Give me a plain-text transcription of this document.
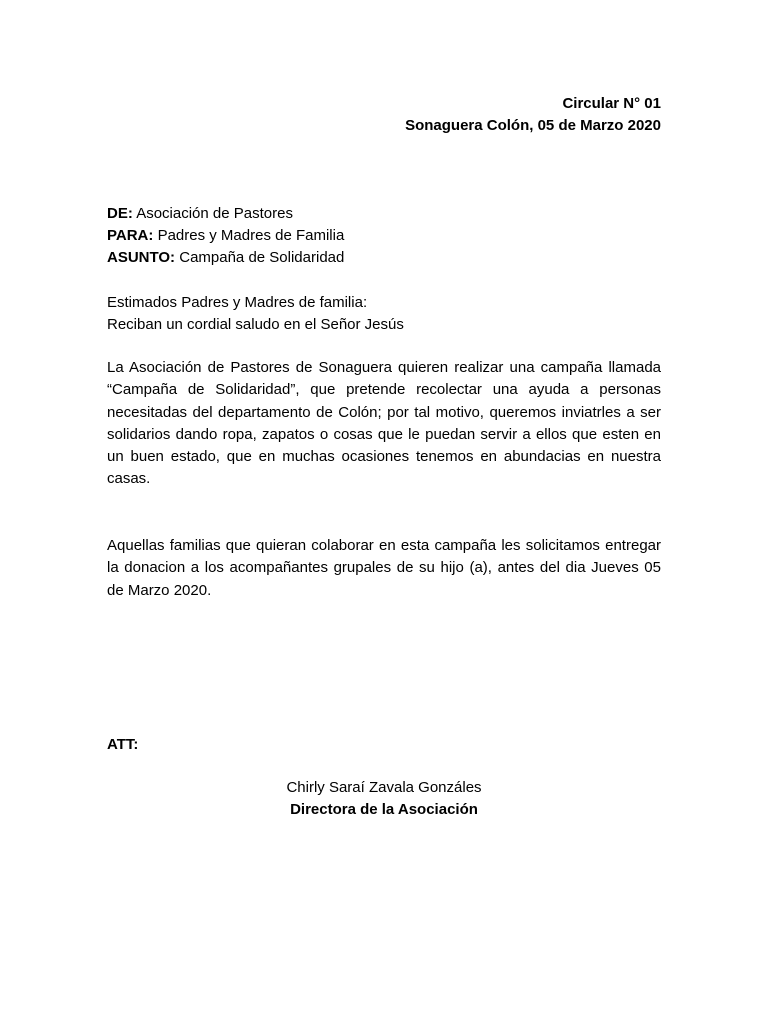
Circular N° 01
Sonaguera Colón, 05 de Marzo 2020
DE: Asociación de Pastores
PARA: Padres y Madres de Familia
ASUNTO: Campaña de Solidaridad
Estimados Padres y Madres de familia:
Reciban un cordial saludo en el Señor Jesús
La Asociación de Pastores de Sonaguera quieren realizar una campaña llamada “Campaña de Solidaridad”, que pretende recolectar una ayuda a personas necesitadas del departamento de Colón; por tal motivo, queremos inviatrles a ser solidarios dando ropa, zapatos o cosas que le puedan servir a ellos que esten en un buen estado, que en muchas ocasiones tenemos en abundacias en nuestra casas.
Aquellas familias que quieran colaborar en esta campaña les solicitamos entregar la donacion a los acompañantes grupales de su hijo (a), antes del dia Jueves 05 de Marzo 2020.
ATT:
Chirly Saraí Zavala Gonzáles
Directora de la Asociación
